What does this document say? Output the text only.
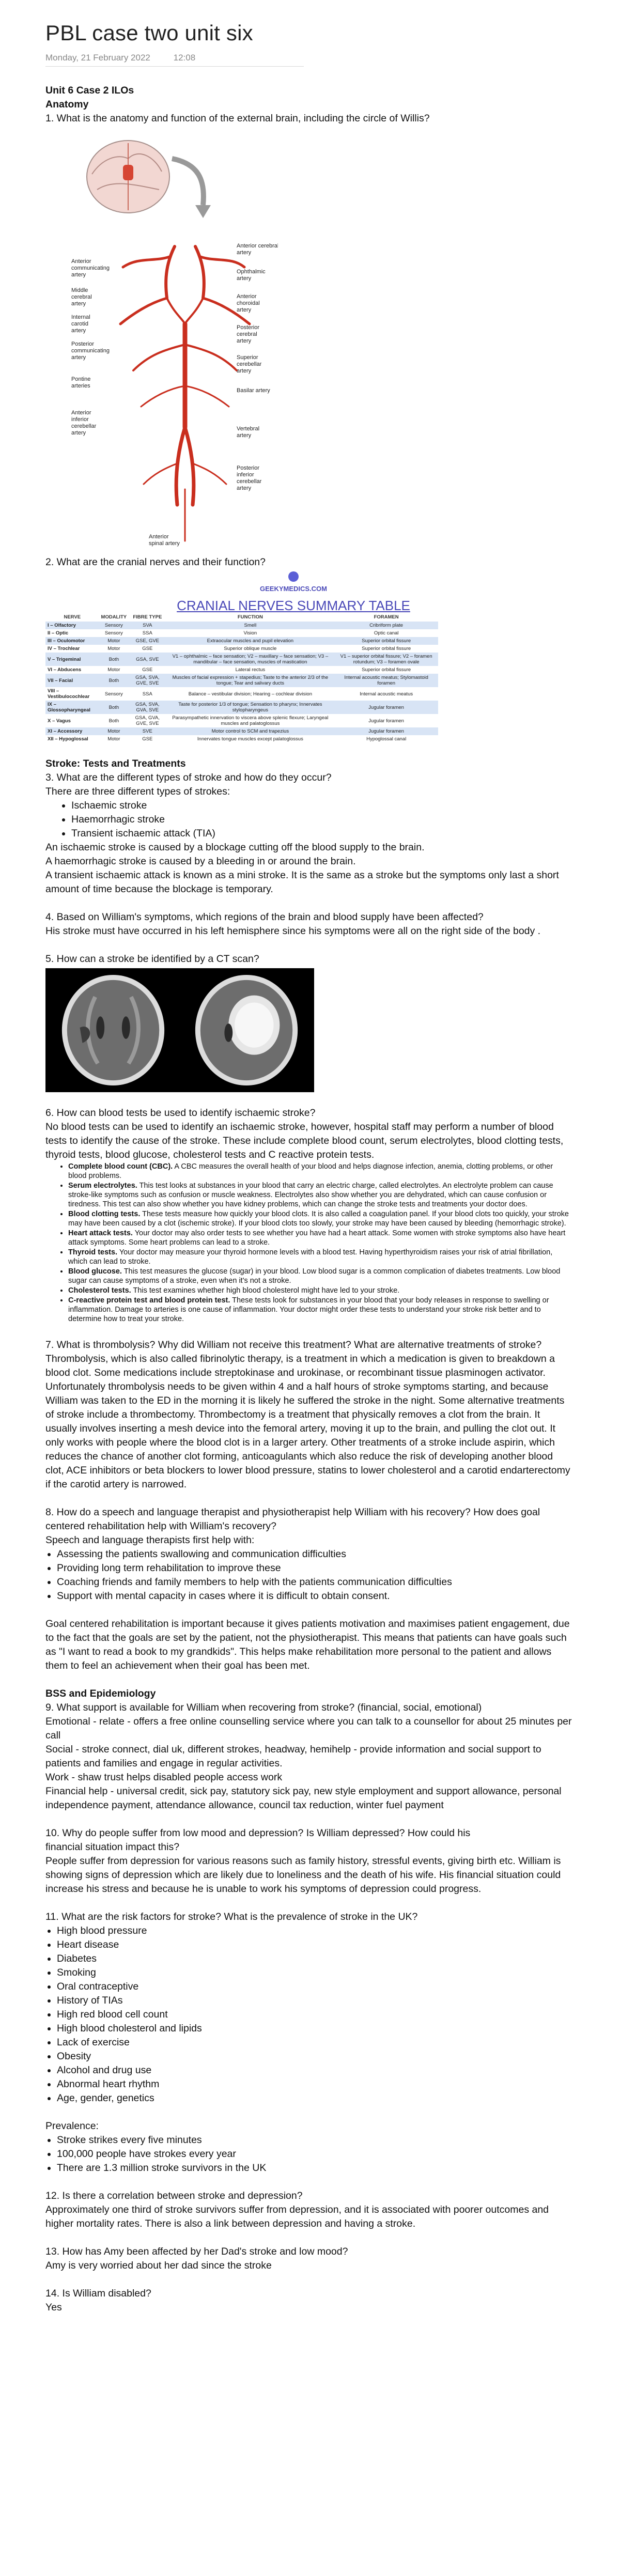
PBL case two unit six
Monday, 21 February 2022	12:08

Unit 6 Case 2 ILOs

Anatomy

1. What is the anatomy and function of the external brain, including the circle of Willis?

Anterior
communicating
artery
Middle
cerebral
artery
Internal
carotid
artery
Posterior
communicating
artery
Pontine
arteries
Anterior
inferior
cerebellar
artery
Anterior cerebral
artery
Ophthalmic
artery
Anterior
choroidal
artery
Posterior
cerebral
artery
Superior
cerebellar
artery
Basilar artery
Vertebral
artery
Posterior
inferior
cerebellar
artery
Anterior
spinal artery

2. What are the cranial nerves and their function?

GEEKYMEDICS.COM
CRANIAL NERVES SUMMARY TABLE
NERVE	MODALITY	FIBRE TYPE	FUNCTION	FORAMEN
I – Olfactory	Sensory	SVA	Smell	Cribriform plate
II – Optic	Sensory	SSA	Vision	Optic canal
III – Oculomotor	Motor	GSE, GVE	Extraocular muscles and pupil elevation	Superior orbital fissure
IV – Trochlear	Motor	GSE	Superior oblique muscle	Superior orbital fissure
V – Trigeminal	Both	GSA, SVE	V1 – ophthalmic – face sensation; V2 – maxillary – face sensation; V3 – mandibular – face sensation, muscles of mastication	V1 – superior orbital fissure; V2 – foramen rotundum; V3 – foramen ovale
VI – Abducens	Motor	GSE	Lateral rectus	Superior orbital fissure
VII – Facial	Both	GSA, SVA, GVE, SVE	Muscles of facial expression + stapedius; Taste to the anterior 2/3 of the tongue; Tear and salivary ducts	Internal acoustic meatus; Stylomastoid foramen
VIII – Vestibulocochlear	Sensory	SSA	Balance – vestibular division; Hearing – cochlear division	Internal acoustic meatus
IX – Glossopharyngeal	Both	GSA, SVA, GVA, SVE	Taste for posterior 1/3 of tongue; Sensation to pharynx; Innervates stylopharyngeus	Jugular foramen
X – Vagus	Both	GSA, GVA, GVE, SVE	Parasympathetic innervation to viscera above splenic flexure; Laryngeal muscles and palatoglossus	Jugular foramen
XI – Accessory	Motor	SVE	Motor control to SCM and trapezius	Jugular foramen
XII – Hypoglossal	Motor	GSE	Innervates tongue muscles except palatoglossus	Hypoglossal canal

Stroke: Tests and Treatments

3. What are the different types of stroke and how do they occur?

There are three different types of strokes:

• Ischaemic stroke
• Haemorrhagic stroke
• Transient ischaemic attack (TIA)

An ischaemic stroke is caused by a blockage cutting off the blood supply to the brain.

A haemorrhagic stroke is caused by a bleeding in or around the brain.

A transient ischaemic attack is known as a mini stroke. It is the same as a stroke but the symptoms only last a short amount of time because the blockage is temporary.

4. Based on William's symptoms, which regions of the brain and blood supply have been affected?

His stroke must have occurred in his left hemisphere since his symptoms were all on the right side of the body .

5. How can a stroke be identified by a CT scan?

6. How can blood tests be used to identify ischaemic stroke?

No blood tests can be used to identify an ischaemic stroke, however, hospital staff may perform a number of blood tests to identify the cause of the stroke. These include complete blood count, serum electrolytes, blood clotting tests, thyroid tests, blood glucose, cholesterol tests and C reactive protein tests.

• Complete blood count (CBC). A CBC measures the overall health of your blood and helps diagnose infection, anemia, clotting problems, or other blood problems.
• Serum electrolytes. This test looks at substances in your blood that carry an electric charge, called electrolytes. An electrolyte problem can cause stroke-like symptoms such as confusion or muscle weakness. Electrolytes also show whether you are dehydrated, which can cause confusion or tiredness. This test can also show whether you have kidney problems, which can change the stroke tests and treatments your doctor does.
• Blood clotting tests. These tests measure how quickly your blood clots. It is also called a coagulation panel. If your blood clots too quickly, your stroke may have been caused by a clot (ischemic stroke). If your blood clots too slowly, your stroke may have been caused by bleeding (hemorrhagic stroke).
• Heart attack tests. Your doctor may also order tests to see whether you have had a heart attack. Some women with stroke symptoms also have heart attack symptoms. Some heart problems can lead to a stroke.
• Thyroid tests. Your doctor may measure your thyroid hormone levels with a blood test. Having hyperthyroidism raises your risk of atrial fibrillation, which can lead to stroke.
• Blood glucose. This test measures the glucose (sugar) in your blood. Low blood sugar is a common complication of diabetes treatments. Low blood sugar can cause symptoms of a stroke, even when it's not a stroke.
• Cholesterol tests. This test examines whether high blood cholesterol might have led to your stroke.
• C-reactive protein test and blood protein test. These tests look for substances in your blood that your body releases in response to swelling or inflammation. Damage to arteries is one cause of inflammation. Your doctor might order these tests to understand your stroke risk better and to determine how to treat your stroke.

7. What is thrombolysis? Why did William not receive this treatment? What are alternative treatments of stroke?

Thrombolysis, which is also called fibrinolytic therapy, is a treatment in which a medication is given to breakdown a blood clot. Some medications include streptokinase and urokinase, or recombinant tissue plasminogen activator. Unfortunately thrombolysis needs to be given within 4 and a half hours of stroke symptoms starting, and because William was taken to the ED in the morning it is likely he suffered the stroke in the night. Some alternative treatments of stroke include a thrombectomy. Thrombectomy is a treatment that physically removes a clot from the brain. It usually involves inserting a mesh device into the femoral artery, moving it up to the brain, and pulling the clot out. It only works with people where the blood clot is in a larger artery. Other treatments of a stroke include aspirin, which reduces the chance of another clot forming, anticoagulants which also reduce the risk of developing another blood clot, ACE inhibitors or beta blockers to lower blood pressure, statins to lower cholesterol and a carotid endarterectomy if the carotid artery is narrowed.

8. How do a speech and language therapist and physiotherapist help William with his recovery? How does goal centered rehabilitation help with William's recovery?

Speech and language therapists first help with:

• Assessing the patients swallowing and communication difficulties
• Providing long term rehabilitation to improve these
• Coaching friends and family members to help with the patients communication difficulties
• Support with mental capacity in cases where it is difficult to obtain consent.

Goal centered rehabilitation is important because it gives patients motivation and maximises patient engagement, due to the fact that the goals are set by the patient, not the physiotherapist. This means that patients can have goals such as "I want to read a book to my grandkids". This helps make rehabilitation more personal to the patient and allows them to feel an achievement when their goal has been met.

BSS and Epidemiology

9. What support is available for William when recovering from stroke? (financial, social, emotional)

Emotional - relate - offers a free online counselling service where you can talk to a counsellor for about 25 minutes per call

Social - stroke connect, dial uk, different strokes, headway, hemihelp - provide information and social support to patients and families and engage in regular activities.

Work - shaw trust helps disabled people access work

Financial help - universal credit, sick pay, statutory sick pay, new style employment and support allowance, personal independence payment, attendance allowance, council tax reduction, winter fuel payment

10. Why do people suffer from low mood and depression? Is William depressed? How could his

financial situation impact this?

People suffer from depression for various reasons such as family history, stressful events, giving birth etc. William is showing signs of depression which are likely due to loneliness and the death of his wife. His financial situation could increase his stress and because he is unable to work his symptoms of depression could progress.

11. What are the risk factors for stroke? What is the prevalence of stroke in the UK?

• High blood pressure
• Heart disease
• Diabetes
• Smoking
• Oral contraceptive
• History of TIAs
• High red blood cell count
• High blood cholesterol and lipids
• Lack of exercise
• Obesity
• Alcohol and drug use
• Abnormal heart rhythm
• Age, gender, genetics

Prevalence:

• Stroke strikes every five minutes
• 100,000 people have strokes every year
• There are 1.3 million stroke survivors in the UK

12. Is there a correlation between stroke and depression?

Approximately one third of stroke survivors suffer from depression, and it is associated with poorer outcomes and higher mortality rates. There is also a link between depression and having a stroke.

13. How has Amy been affected by her Dad's stroke and low mood?

Amy is very worried about her dad since the stroke

14. Is William disabled?

Yes
